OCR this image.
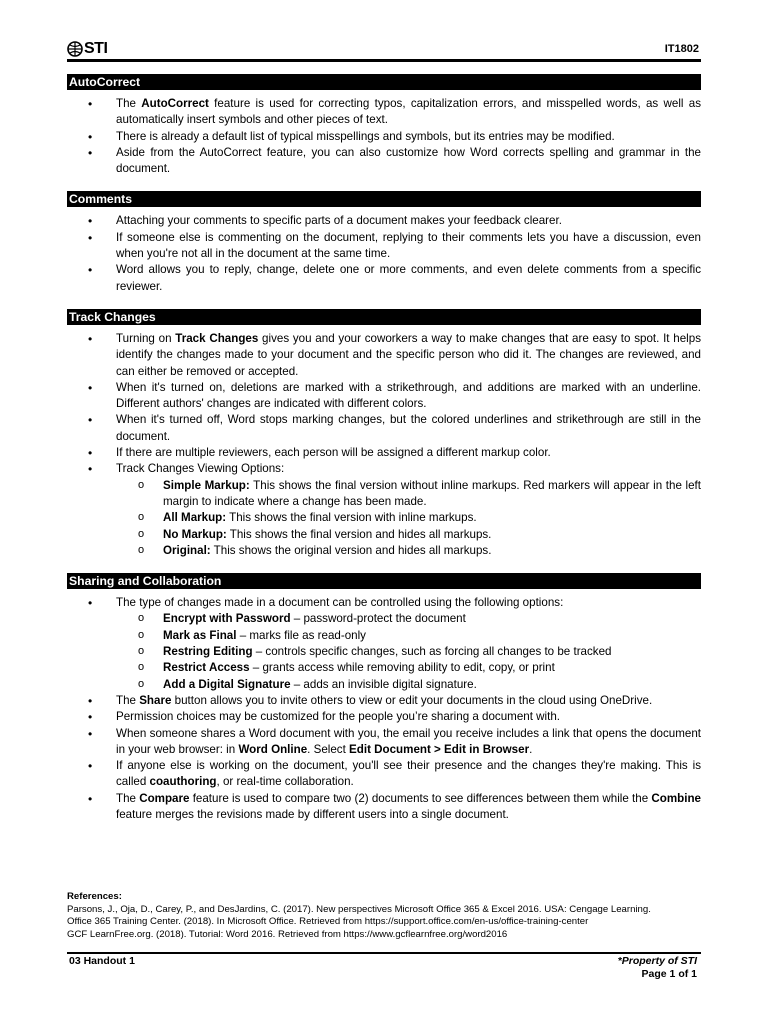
STI	IT1802
AutoCorrect
• The AutoCorrect feature is used for correcting typos, capitalization errors, and misspelled words, as well as automatically insert symbols and other pieces of text.
• There is already a default list of typical misspellings and symbols, but its entries may be modified.
• Aside from the AutoCorrect feature, you can also customize how Word corrects spelling and grammar in the document.
Comments
• Attaching your comments to specific parts of a document makes your feedback clearer.
• If someone else is commenting on the document, replying to their comments lets you have a discussion, even when you're not all in the document at the same time.
• Word allows you to reply, change, delete one or more comments, and even delete comments from a specific reviewer.
Track Changes
• Turning on Track Changes gives you and your coworkers a way to make changes that are easy to spot. It helps identify the changes made to your document and the specific person who did it. The changes are reviewed, and can either be removed or accepted.
• When it's turned on, deletions are marked with a strikethrough, and additions are marked with an underline. Different authors' changes are indicated with different colors.
• When it's turned off, Word stops marking changes, but the colored underlines and strikethrough are still in the document.
• If there are multiple reviewers, each person will be assigned a different markup color.
• Track Changes Viewing Options:
o Simple Markup: This shows the final version without inline markups. Red markers will appear in the left margin to indicate where a change has been made.
o All Markup: This shows the final version with inline markups.
o No Markup: This shows the final version and hides all markups.
o Original: This shows the original version and hides all markups.
Sharing and Collaboration
• The type of changes made in a document can be controlled using the following options:
o Encrypt with Password – password-protect the document
o Mark as Final – marks file as read-only
o Restring Editing – controls specific changes, such as forcing all changes to be tracked
o Restrict Access – grants access while removing ability to edit, copy, or print
o Add a Digital Signature – adds an invisible digital signature.
• The Share button allows you to invite others to view or edit your documents in the cloud using OneDrive.
• Permission choices may be customized for the people you’re sharing a document with.
• When someone shares a Word document with you, the email you receive includes a link that opens the document in your web browser: in Word Online. Select Edit Document > Edit in Browser.
• If anyone else is working on the document, you'll see their presence and the changes they're making. This is called coauthoring, or real-time collaboration.
• The Compare feature is used to compare two (2) documents to see differences between them while the Combine feature merges the revisions made by different users into a single document.
References:
Parsons, J., Oja, D., Carey, P., and DesJardins, C. (2017). New perspectives Microsoft Office 365 & Excel 2016. USA: Cengage Learning.
Office 365 Training Center. (2018). In Microsoft Office. Retrieved from https://support.office.com/en-us/office-training-center
GCF LearnFree.org. (2018). Tutorial: Word 2016. Retrieved from https://www.gcflearnfree.org/word2016
03 Handout 1	*Property of STI
Page 1 of 1
